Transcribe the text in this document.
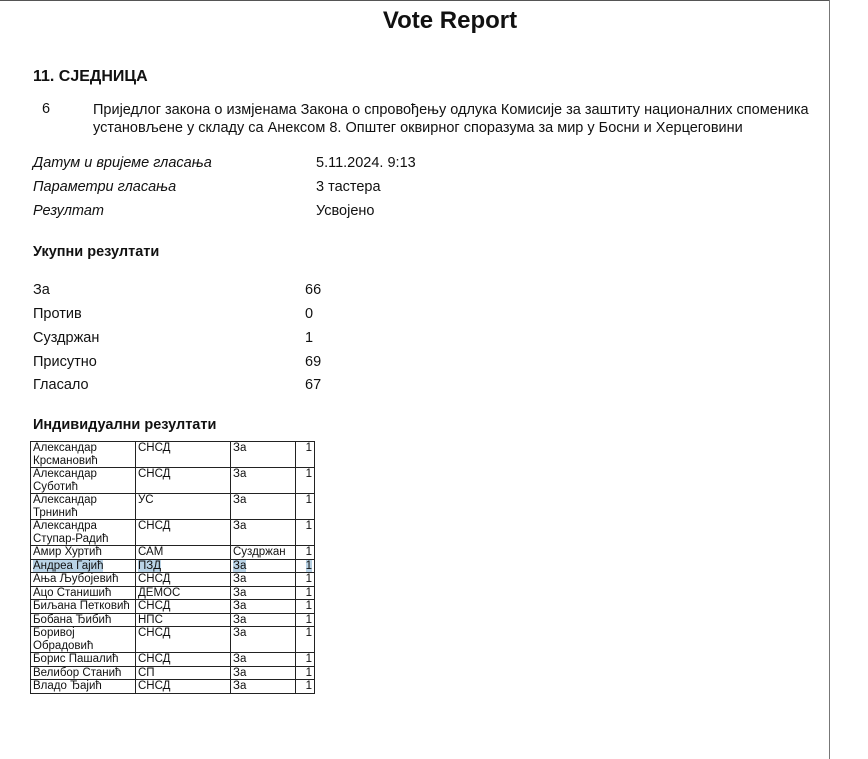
Vote Report
11. СЈЕДНИЦА
6	Приједлог закона о измјенама Закона о спровођењу одлука Комисије за заштиту националних споменика установљене у складу са Анексом 8. Општег оквирног споразума за мир у Босни и Херцеговини
Датум и вријеме гласања	5.11.2024. 9:13
Параметри гласања	3 тастера
Резултат	Усвојено
Укупни резултати
За	66
Против	0
Суздржан	1
Присутно	69
Гласало	67
Индивидуални резултати
Александар Крсмановић	СНСД	За	1
Александар Суботић	СНСД	За	1
Александар Трнинић	УС	За	1
Александра Ступар-Радић	СНСД	За	1
Амир Хуртић	САМ	Суздржан	1
Андреа Гајић	ПЗД	За	1
Ања Љубојевић	СНСД	За	1
Ацо Станишић	ДЕМОС	За	1
Биљана Петковић	СНСД	За	1
Бобана Ђибић	НПС	За	1
Боривој Обрадовић	СНСД	За	1
Борис Пашалић	СНСД	За	1
Велибор Станић	СП	За	1
Владо Ђајић	СНСД	За	1
